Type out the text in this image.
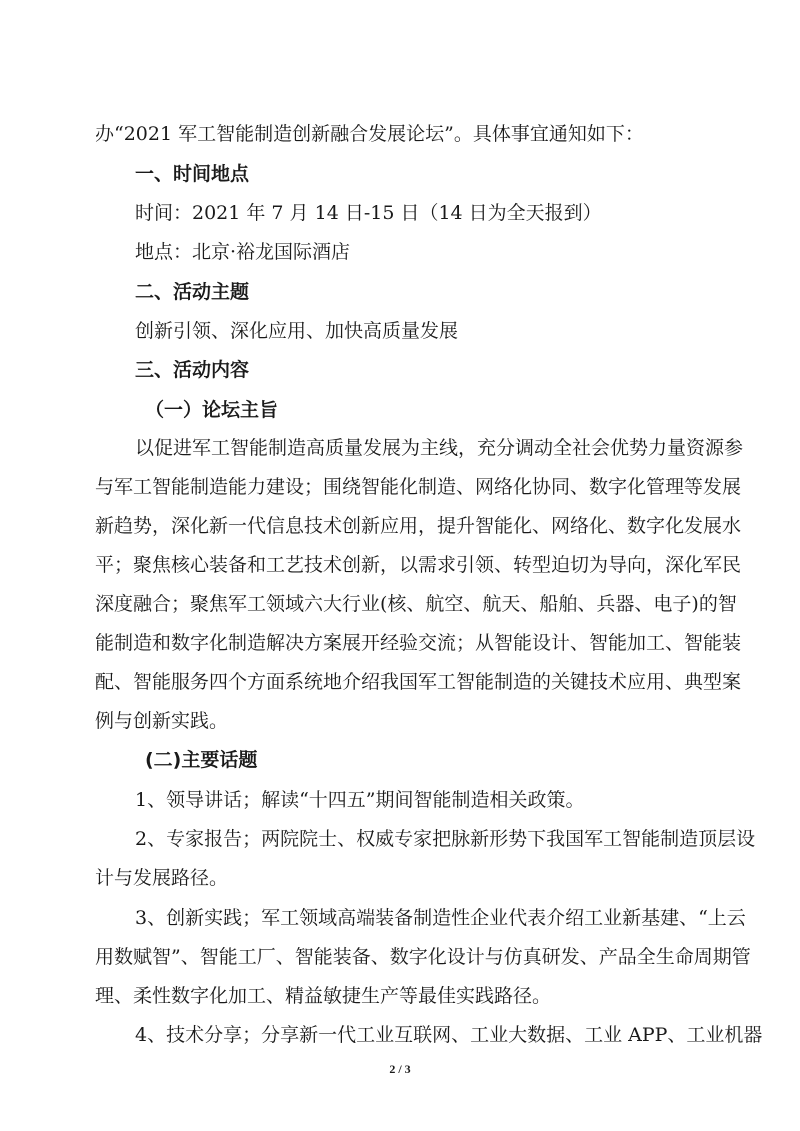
办“2021 军工智能制造创新融合发展论坛”。具体事宜通知如下：
一、时间地点
时间：2021 年 7 月 14 日-15 日（14 日为全天报到）
地点：北京·裕龙国际酒店
二、活动主题
创新引领、深化应用、加快高质量发展
三、活动内容
（一）论坛主旨
以促进军工智能制造高质量发展为主线，充分调动全社会优势力量资源参
与军工智能制造能力建设；围绕智能化制造、网络化协同、数字化管理等发展
新趋势，深化新一代信息技术创新应用，提升智能化、网络化、数字化发展水
平；聚焦核心装备和工艺技术创新，以需求引领、转型迫切为导向，深化军民
深度融合；聚焦军工领域六大行业(核、航空、航天、船舶、兵器、电子)的智
能制造和数字化制造解决方案展开经验交流；从智能设计、智能加工、智能装
配、智能服务四个方面系统地介绍我国军工智能制造的关键技术应用、典型案
例与创新实践。
(二)主要话题
1、领导讲话；解读“十四五”期间智能制造相关政策。
2、专家报告；两院院士、权威专家把脉新形势下我国军工智能制造顶层设
计与发展路径。
3、创新实践；军工领域高端装备制造性企业代表介绍工业新基建、“上云
用数赋智”、智能工厂、智能装备、数字化设计与仿真研发、产品全生命周期管
理、柔性数字化加工、精益敏捷生产等最佳实践路径。
4、技术分享；分享新一代工业互联网、工业大数据、工业 APP、工业机器
2 / 3
